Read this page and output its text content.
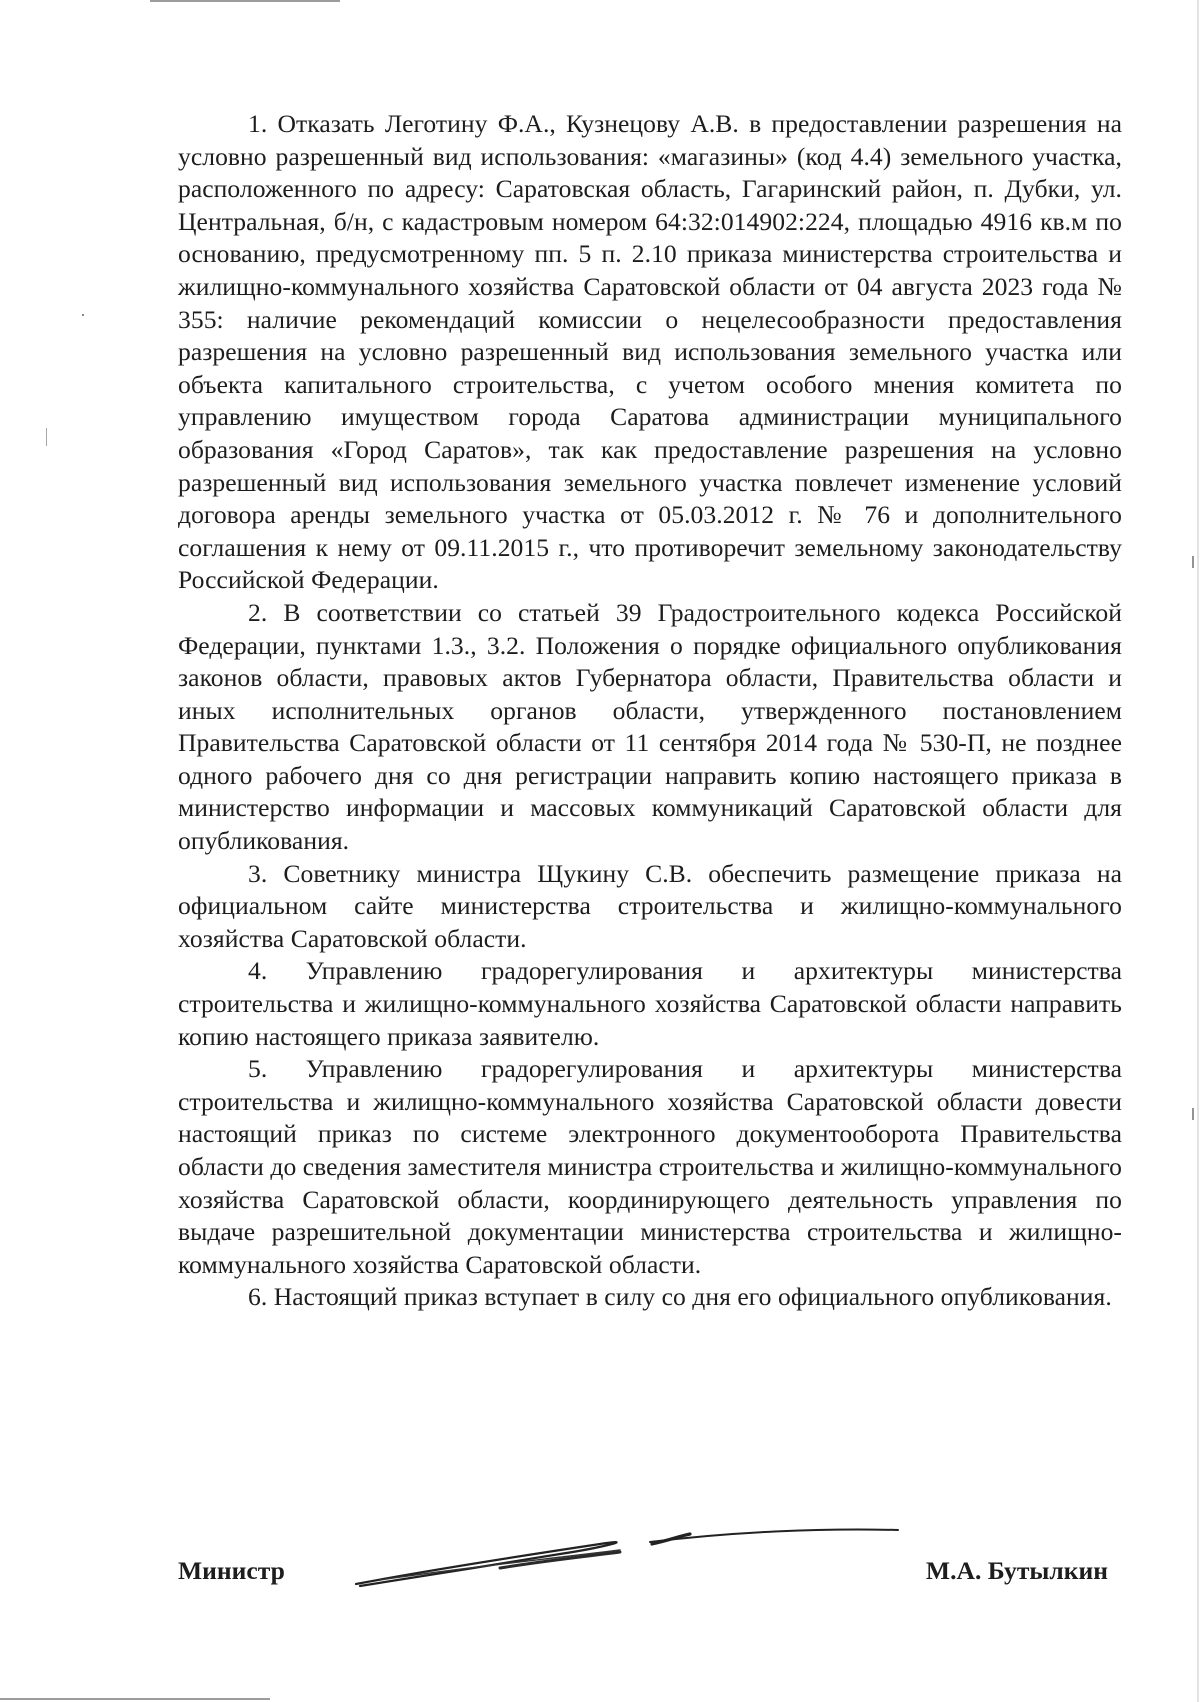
1. Отказать Леготину Ф.А., Кузнецову А.В. в предоставлении разрешения на условно разрешенный вид использования: «магазины» (код 4.4) земельного участка, расположенного по адресу: Саратовская область, Гагаринский район, п. Дубки, ул. Центральная, б/н, с кадастровым номером 64:32:014902:224, площадью 4916 кв.м по основанию, предусмотренному пп. 5 п. 2.10 приказа министерства строительства и жилищно-коммунального хозяйства Саратовской области от 04 августа 2023 года № 355: наличие рекомендаций комиссии о нецелесообразности предоставления разрешения на условно разрешенный вид использования земельного участка или объекта капитального строительства, с учетом особого мнения комитета по управлению имуществом города Саратова администрации муниципального образования «Город Саратов», так как предоставление разрешения на условно разрешенный вид использования земельного участка повлечет изменение условий договора аренды земельного участка от 05.03.2012 г. № 76 и дополнительного соглашения к нему от 09.11.2015 г., что противоречит земельному законодательству Российской Федерации.

2. В соответствии со статьей 39 Градостроительного кодекса Российской Федерации, пунктами 1.3., 3.2. Положения о порядке официального опубликования законов области, правовых актов Губернатора области, Правительства области и иных исполнительных органов области, утвержденного постановлением Правительства Саратовской области от 11 сентября 2014 года № 530-П, не позднее одного рабочего дня со дня регистрации направить копию настоящего приказа в министерство информации и массовых коммуникаций Саратовской области для опубликования.

3. Советнику министра Щукину С.В. обеспечить размещение приказа на официальном сайте министерства строительства и жилищно-коммунального хозяйства Саратовской области.

4. Управлению градорегулирования и архитектуры министерства строительства и жилищно-коммунального хозяйства Саратовской области направить копию настоящего приказа заявителю.

5. Управлению градорегулирования и архитектуры министерства строительства и жилищно-коммунального хозяйства Саратовской области довести настоящий приказ по системе электронного документооборота Правительства области до сведения заместителя министра строительства и жилищно-коммунального хозяйства Саратовской области, координирующего деятельность управления по выдаче разрешительной документации министерства строительства и жилищно-коммунального хозяйства Саратовской области.

6. Настоящий приказ вступает в силу со дня его официального опубликования.

Министр	М.А. Бутылкин
